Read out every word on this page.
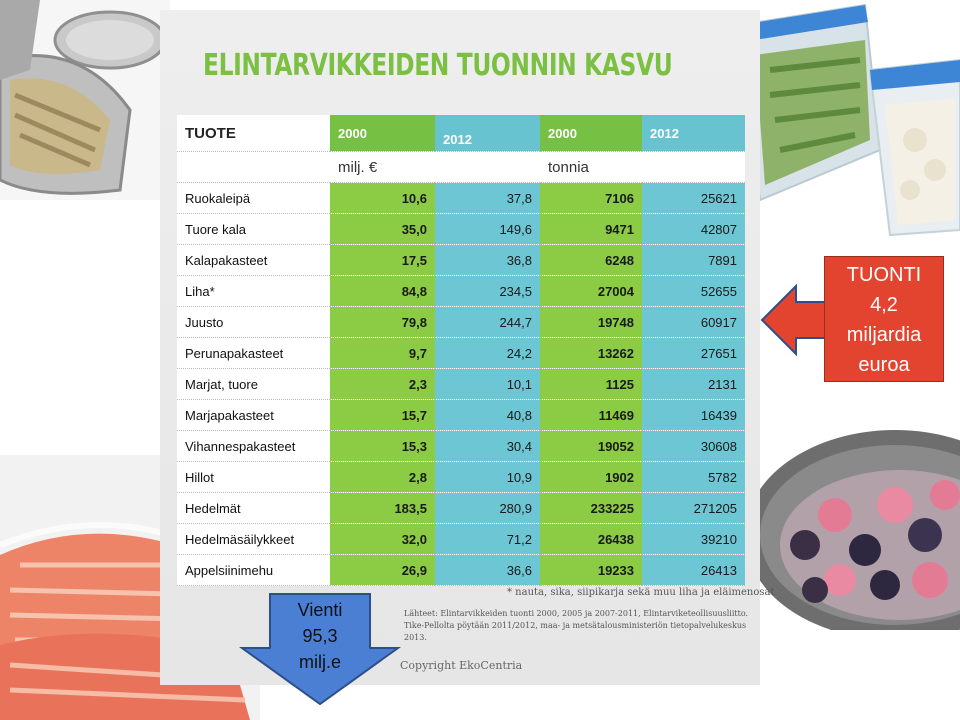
ELINTARVIKKEIDEN TUONNIN KASVU
TUOTE	2000	2012	2000	2012
	milj. €		tonnia	
Ruokaleipä	10,6	37,8	7106	25621
Tuore kala	35,0	149,6	9471	42807
Kalapakasteet	17,5	36,8	6248	7891
Liha*	84,8	234,5	27004	52655
Juusto	79,8	244,7	19748	60917
Perunapakasteet	9,7	24,2	13262	27651
Marjat, tuore	2,3	10,1	1125	2131
Marjapakasteet	15,7	40,8	11469	16439
Vihannespakasteet	15,3	30,4	19052	30608
Hillot	2,8	10,9	1902	5782
Hedelmät	183,5	280,9	233225	271205
Hedelmäsäilykkeet	32,0	71,2	26438	39210
Appelsiinimehu	26,9	36,6	19233	26413
* nauta, sika, siipikarja sekä muu liha ja eläimenosat
Lähteet: Elintarvikkeiden tuonti 2000, 2005 ja 2007-2011, Elintarviketeollisuusliitto. Tike-Pellolta pöytään 2011/2012, maa- ja metsätalousministeriön tietopalvelukeskus 2013.
Copyright EkoCentria
TUONTI
4,2
miljardia
euroa
Vienti
95,3
milj.e
